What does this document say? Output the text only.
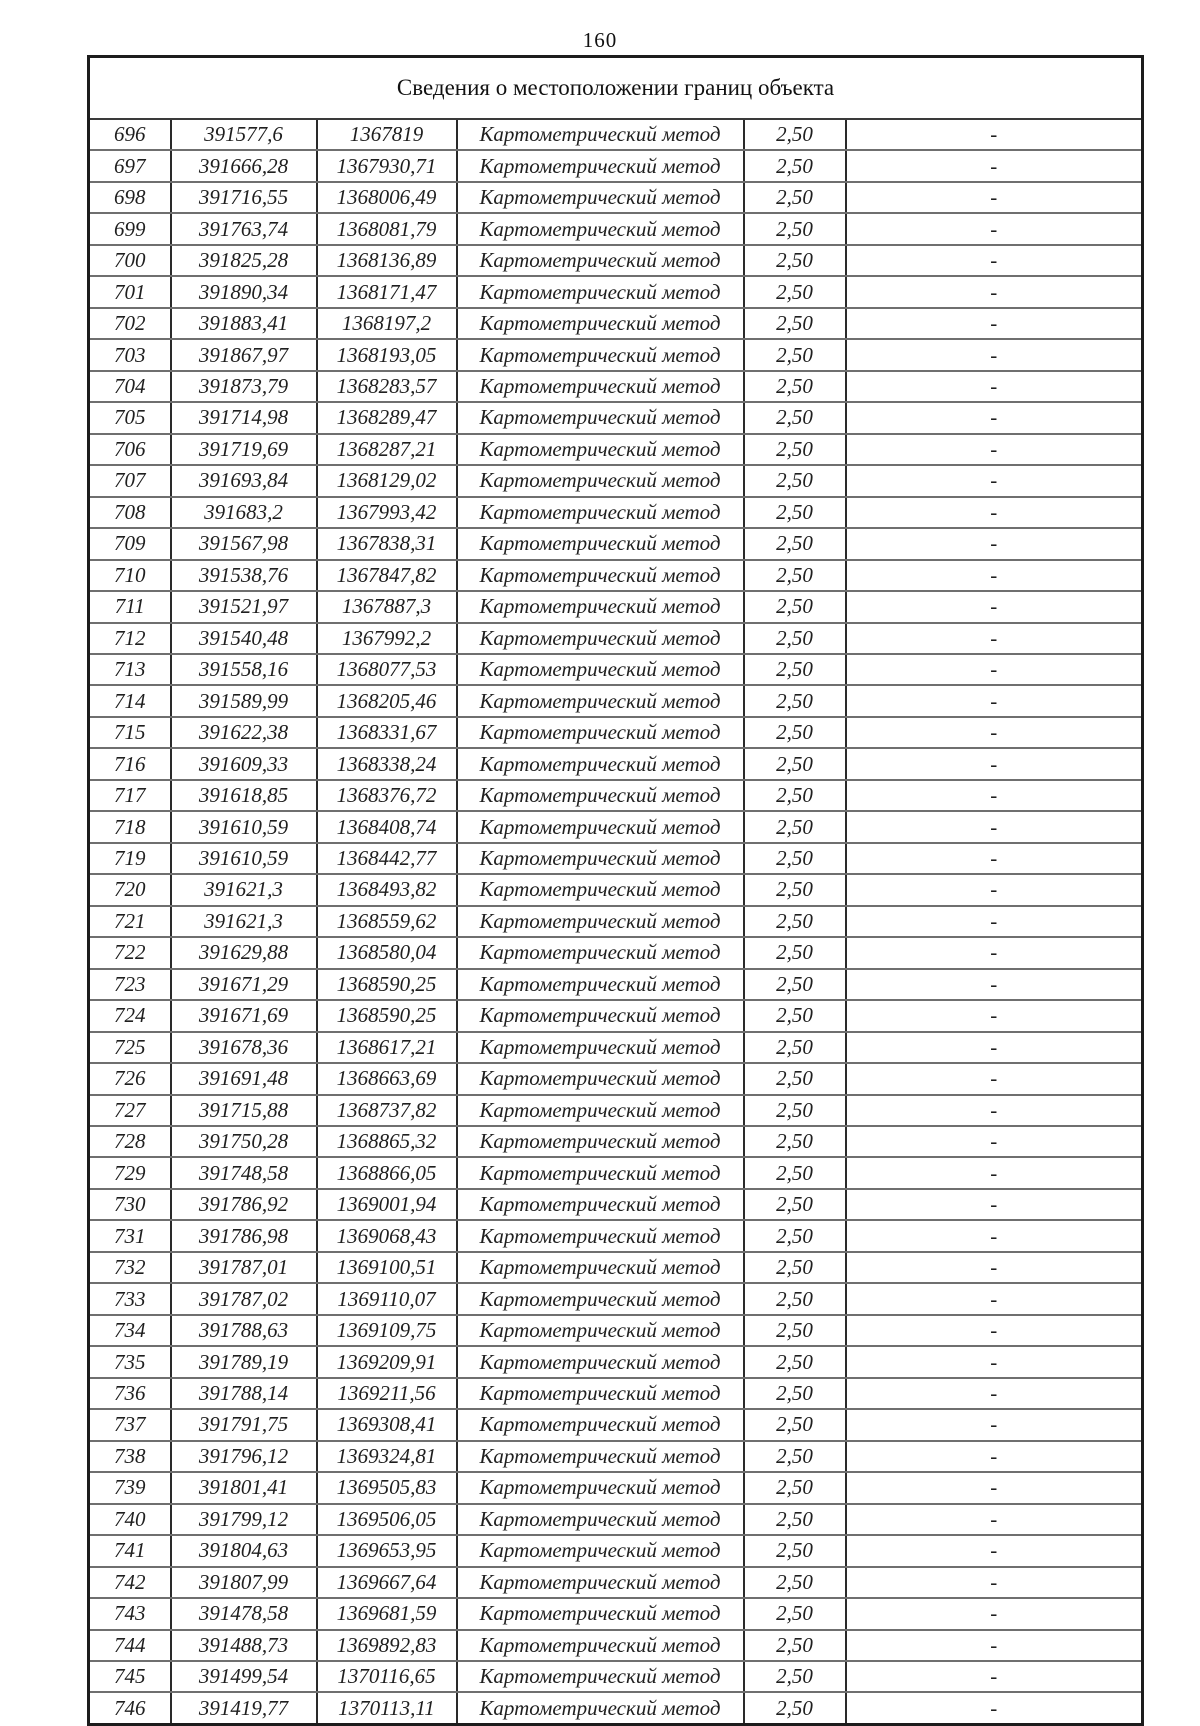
160
Сведения о местоположении границ объекта					
696	391577,6	1367819	Картометрический метод	2,50	-
697	391666,28	1367930,71	Картометрический метод	2,50	-
698	391716,55	1368006,49	Картометрический метод	2,50	-
699	391763,74	1368081,79	Картометрический метод	2,50	-
700	391825,28	1368136,89	Картометрический метод	2,50	-
701	391890,34	1368171,47	Картометрический метод	2,50	-
702	391883,41	1368197,2	Картометрический метод	2,50	-
703	391867,97	1368193,05	Картометрический метод	2,50	-
704	391873,79	1368283,57	Картометрический метод	2,50	-
705	391714,98	1368289,47	Картометрический метод	2,50	-
706	391719,69	1368287,21	Картометрический метод	2,50	-
707	391693,84	1368129,02	Картометрический метод	2,50	-
708	391683,2	1367993,42	Картометрический метод	2,50	-
709	391567,98	1367838,31	Картометрический метод	2,50	-
710	391538,76	1367847,82	Картометрический метод	2,50	-
711	391521,97	1367887,3	Картометрический метод	2,50	-
712	391540,48	1367992,2	Картометрический метод	2,50	-
713	391558,16	1368077,53	Картометрический метод	2,50	-
714	391589,99	1368205,46	Картометрический метод	2,50	-
715	391622,38	1368331,67	Картометрический метод	2,50	-
716	391609,33	1368338,24	Картометрический метод	2,50	-
717	391618,85	1368376,72	Картометрический метод	2,50	-
718	391610,59	1368408,74	Картометрический метод	2,50	-
719	391610,59	1368442,77	Картометрический метод	2,50	-
720	391621,3	1368493,82	Картометрический метод	2,50	-
721	391621,3	1368559,62	Картометрический метод	2,50	-
722	391629,88	1368580,04	Картометрический метод	2,50	-
723	391671,29	1368590,25	Картометрический метод	2,50	-
724	391671,69	1368590,25	Картометрический метод	2,50	-
725	391678,36	1368617,21	Картометрический метод	2,50	-
726	391691,48	1368663,69	Картометрический метод	2,50	-
727	391715,88	1368737,82	Картометрический метод	2,50	-
728	391750,28	1368865,32	Картометрический метод	2,50	-
729	391748,58	1368866,05	Картометрический метод	2,50	-
730	391786,92	1369001,94	Картометрический метод	2,50	-
731	391786,98	1369068,43	Картометрический метод	2,50	-
732	391787,01	1369100,51	Картометрический метод	2,50	-
733	391787,02	1369110,07	Картометрический метод	2,50	-
734	391788,63	1369109,75	Картометрический метод	2,50	-
735	391789,19	1369209,91	Картометрический метод	2,50	-
736	391788,14	1369211,56	Картометрический метод	2,50	-
737	391791,75	1369308,41	Картометрический метод	2,50	-
738	391796,12	1369324,81	Картометрический метод	2,50	-
739	391801,41	1369505,83	Картометрический метод	2,50	-
740	391799,12	1369506,05	Картометрический метод	2,50	-
741	391804,63	1369653,95	Картометрический метод	2,50	-
742	391807,99	1369667,64	Картометрический метод	2,50	-
743	391478,58	1369681,59	Картометрический метод	2,50	-
744	391488,73	1369892,83	Картометрический метод	2,50	-
745	391499,54	1370116,65	Картометрический метод	2,50	-
746	391419,77	1370113,11	Картометрический метод	2,50	-
